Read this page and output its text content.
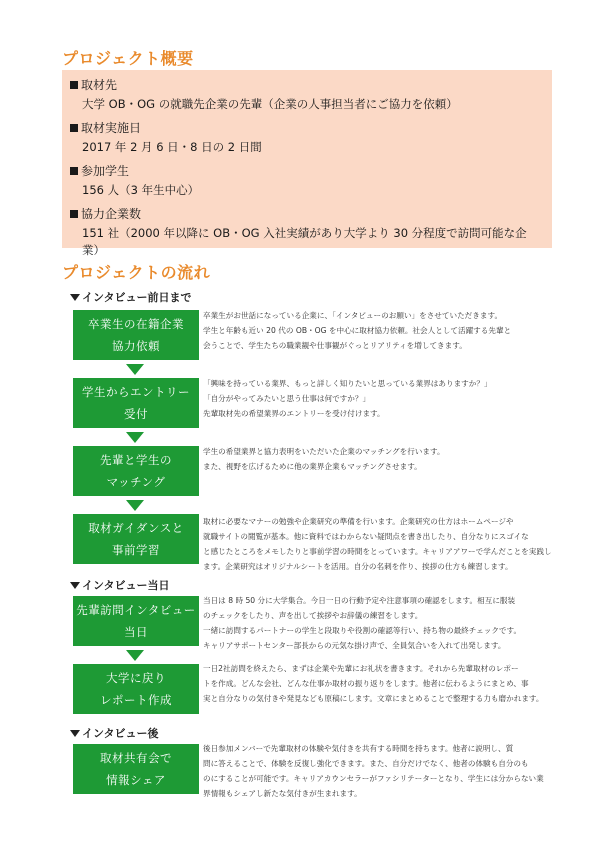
プロジェクト概要
取材先
大学 OB・OG の就職先企業の先輩（企業の人事担当者にご協力を依頼）
取材実施日
2017 年 2 月 6 日・8 日の 2 日間
参加学生
156 人（3 年生中心）
協力企業数
151 社（2000 年以降に OB・OG 入社実績があり大学より 30 分程度で訪問可能な企業）
プロジェクトの流れ
インタビュー前日まで
卒業生の在籍企業
協力依頼

卒業生がお世話になっている企業に、「インタビューのお願い」をさせていただきます。

学生と年齢も近い 20 代の OB・OG を中心に取材協力依頼。社会人として活躍する先輩と

会うことで、学生たちの職業観や仕事観がぐっとリアリティを増してきます。

学生からエントリー
受付

「興味を持っている業界、もっと詳しく知りたいと思っている業界はありますか？」

「自分がやってみたいと思う仕事は何ですか？」

先輩取材先の希望業界のエントリーを受け付けます。

先輩と学生の
マッチング

学生の希望業界と協力表明をいただいた企業のマッチングを行います。

また、視野を広げるために他の業界企業もマッチングさせます。

取材ガイダンスと
事前学習

取材に必要なマナーの勉強や企業研究の準備を行います。企業研究の仕方はホームページや

就職サイトの閲覧が基本。他に資料ではわからない疑問点を書き出したり、自分なりにスゴイな

と感じたところをメモしたりと事前学習の時間をとっています。キャリアアワーで学んだことを実践し

ます。企業研究はオリジナルシートを活用。自分の名刺を作り、挨拶の仕方も練習します。

インタビュー当日
先輩訪問インタビュー
当日

当日は 8 時 50 分に大学集合。今日一日の行動予定や注意事項の確認をします。相互に服装

のチェックをしたり、声を出して挨拶やお辞儀の練習をします。

一緒に訪問するパートナーの学生と段取りや役割の確認等行い、持ち物の最終チェックです。

キャリアサポートセンター部長からの元気な掛け声で、全員気合いを入れて出発します。

大学に戻り
レポート作成

一日2社訪問を終えたら、まずは企業や先輩にお礼状を書きます。それから先輩取材のレポー

トを作成。どんな会社、どんな仕事か取材の振り返りをします。他者に伝わるようにまとめ、事

実と自分なりの気付きや発見なども原稿にします。文章にまとめることで整理する力も磨かれます。

インタビュー後
取材共有会で
情報シェア

後日参加メンバーで先輩取材の体験や気付きを共有する時間を持ちます。他者に説明し、質

問に答えることで、体験を反復し強化できます。また、自分だけでなく、他者の体験も自分のも

のにすることが可能です。キャリアカウンセラーがファシリテーターとなり、学生には分からない業

界情報もシェアし新たな気付きが生まれます。
